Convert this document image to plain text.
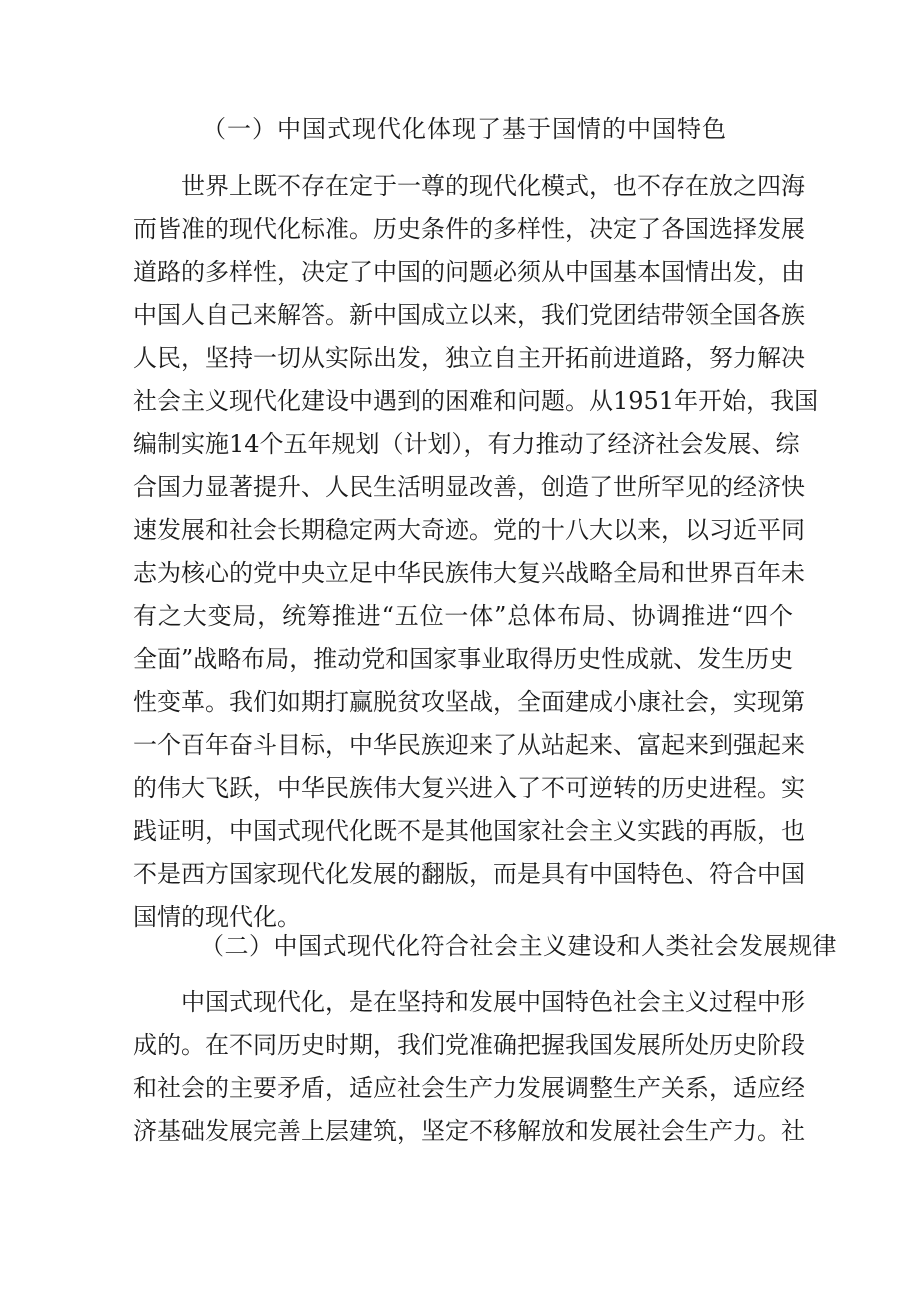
（一）中国式现代化体现了基于国情的中国特色
世界上既不存在定于一尊的现代化模式，也不存在放之四海
而皆准的现代化标准。历史条件的多样性，决定了各国选择发展
道路的多样性，决定了中国的问题必须从中国基本国情出发，由
中国人自己来解答。新中国成立以来，我们党团结带领全国各族
人民，坚持一切从实际出发，独立自主开拓前进道路，努力解决
社会主义现代化建设中遇到的困难和问题。从1951年开始，我国
编制实施14个五年规划（计划），有力推动了经济社会发展、综
合国力显著提升、人民生活明显改善，创造了世所罕见的经济快
速发展和社会长期稳定两大奇迹。党的十八大以来，以习近平同
志为核心的党中央立足中华民族伟大复兴战略全局和世界百年未
有之大变局，统筹推进“五位一体”总体布局、协调推进“四个
全面”战略布局，推动党和国家事业取得历史性成就、发生历史
性变革。我们如期打赢脱贫攻坚战，全面建成小康社会，实现第
一个百年奋斗目标，中华民族迎来了从站起来、富起来到强起来
的伟大飞跃，中华民族伟大复兴进入了不可逆转的历史进程。实
践证明，中国式现代化既不是其他国家社会主义实践的再版，也
不是西方国家现代化发展的翻版，而是具有中国特色、符合中国
国情的现代化。
（二）中国式现代化符合社会主义建设和人类社会发展规律
中国式现代化，是在坚持和发展中国特色社会主义过程中形
成的。在不同历史时期，我们党准确把握我国发展所处历史阶段
和社会的主要矛盾，适应社会生产力发展调整生产关系，适应经
济基础发展完善上层建筑，坚定不移解放和发展社会生产力。社
